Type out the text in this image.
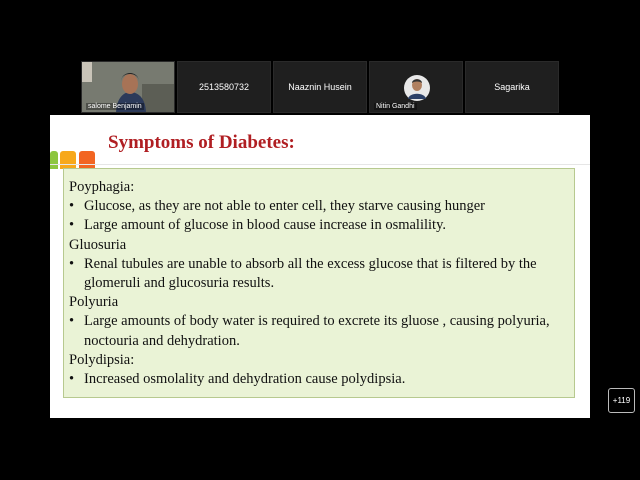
salome Benjamin
2513580732	Naaznin Husein
Nitin Gandhi
Sagarika
Symptoms of Diabetes:
Poyphagia:
• Glucose, as they are not able to enter cell, they starve causing hunger
• Large amount of glucose in blood cause increase in osmalility.
Gluosuria
• Renal tubules are unable to absorb all the excess glucose that is filtered by the glomeruli and glucosuria results.
Polyuria
• Large amounts of body water is required to excrete its gluose , causing polyuria, noctouria and dehydration.
Polydipsia:
• Increased osmolality and dehydration cause polydipsia.
+119
